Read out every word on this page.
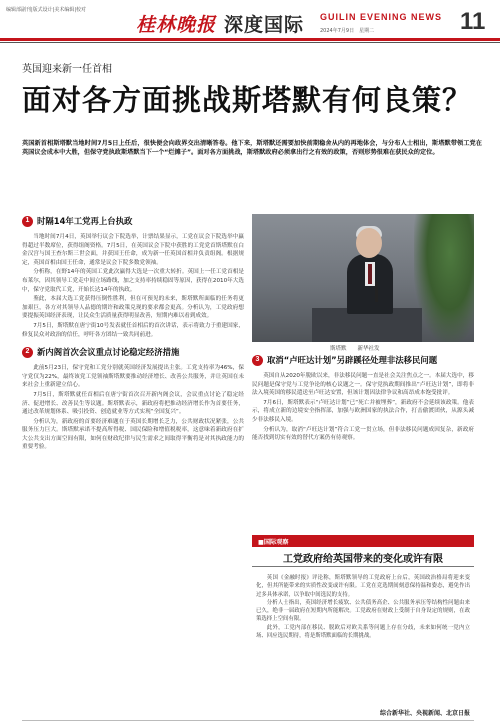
编辑部副刊|版式设计|美术编辑|校对
桂林晚报 深度国际 GUILIN EVENING NEWS
2024年7月9日　星期二	11
英国迎来新一任首相
面对各方面挑战斯塔默有何良策？
英国新首相斯塔默当地时间7月5日上任后，很快便会向政界交出清晰答卷。他下来，斯塔默还需要加快前期稳舍从内的再地体会，与分布人士相出，斯塔默带领工党在英国议会成本中大胜，但保守党执政斯塔默当下一个“烂摊子”。面对各方面挑战，斯塔默政府必须拿出行之有效的政策，否则形势很难在获民众的定位。
1 时隔14年工党再上台执政

当地时间7月4日，英国举行议会下院选举，计票结果显示，工党在议会下院选举中赢得超过半数席位，获得组阁资格。7月5日，在英国议会下院中获胜的工党党首斯塔默在白金汉宫与国王查尔斯三世会面，并获国王任命，成为新一任英国首相并负责组阁。根据规定，英国首相由国王任命，通常是议会下院多数党领袖。

分析称，在野14年的英国工党此次赢得大选是一次重大转折。英国上一任工党首相是布莱尔，因其领导工党走中间立场路线，加之支持率持续稳固等原因，获得在2010年大选中，保守党取代工党，开始长达14年的执政。

鉴此，本届大选工党获得压倒性胜利，但在可预见的未来，斯塔默所面临的任务将更加艰巨，各方对其领导人品德的期许和政策兑现的要求都会更高。分析认为，工党政府想要提振英国经济表现，让民众生活质量获得明显改善，短期内难以看到成效。

7月5日，斯塔默在唐宁街10号发表就任首相后的首次讲话，表示将致力于重建国家，修复民众对政治的信任，呼吁各方团结一致共同前进。

2 新内阁首次会议重点讨论稳定经济措施

此前5月23日，保守党和工党分别就英国经济发展提出主张。工党支持率为46%，保守党仅为22%，最终该党工党领袖斯塔默要推动经济增长、改善公共服务，并让英国在未来社会上重新建立信心。

7月5日，斯塔默就任首相后在唐宁街首次召开新内阁会议，会议重点讨论了稳定经济、促进增长、改善民生等议题。斯塔默表示，新政府将把推动经济增长作为首要任务，通过改革规划体系、吸引投资、创造就业等方式实现“全国复兴”。

分析认为，新政府的首要经济难题在于英国长期增长乏力，公共财政状况紧张，公共服务压力巨大。斯塔默承诺不提高所得税、国民保险和增值税税率，这意味着新政府在扩大公共支出方面空间有限，如何在财政纪律与民生需求之间取得平衡将是对其执政能力的重要考验。

斯塔默　　新华社发
3 取消“卢旺达计划”另辟蹊径处理非法移民问题

英国自从2020年脱欧以来，非法移民问题一直是社会关注焦点之一。本届大选中，移民问题是保守党与工党争论的核心议题之一。保守党执政期间推出“卢旺达计划”，即将非法入境英国的移民遣送至卢旺达安置，但该计划因法律争议和高昂成本饱受批评。

7月6日，斯塔默表示“卢旺达计划”已“死亡并被埋葬”，新政府不会延续该政策。他表示，将成立新的边境安全指挥部，加强与欧洲国家的执法合作，打击偷渡团伙，从源头减少非法移民入境。

分析认为，取消“卢旺达计划”符合工党一贯立场，但非法移民问题成因复杂，新政府能否找到切实有效的替代方案仍有待观察。

■国际观察
工党政府给英国带来的变化或许有限

英国《金融时报》评论称，斯塔默领导的工党政府上台后，英国政治格局将迎来变化，但其所能带来的实质性改变或许有限。工党在竞选期间刻意保持温和姿态，避免作出过多具体承诺，以争取中间选民的支持。

分析人士指出，英国经济增长疲软、公共债务高企、公共服务承压等结构性问题由来已久，绝非一届政府在短期内所能解决。工党政府在财政上受制于自身设定的规则，在政策选择上空间有限。

此外，工党内部在移民、脱欧后对欧关系等问题上存在分歧，未来如何统一党内立场、回应选民期待，将是斯塔默面临的长期挑战。

综合新华社、央视新闻、北京日报
